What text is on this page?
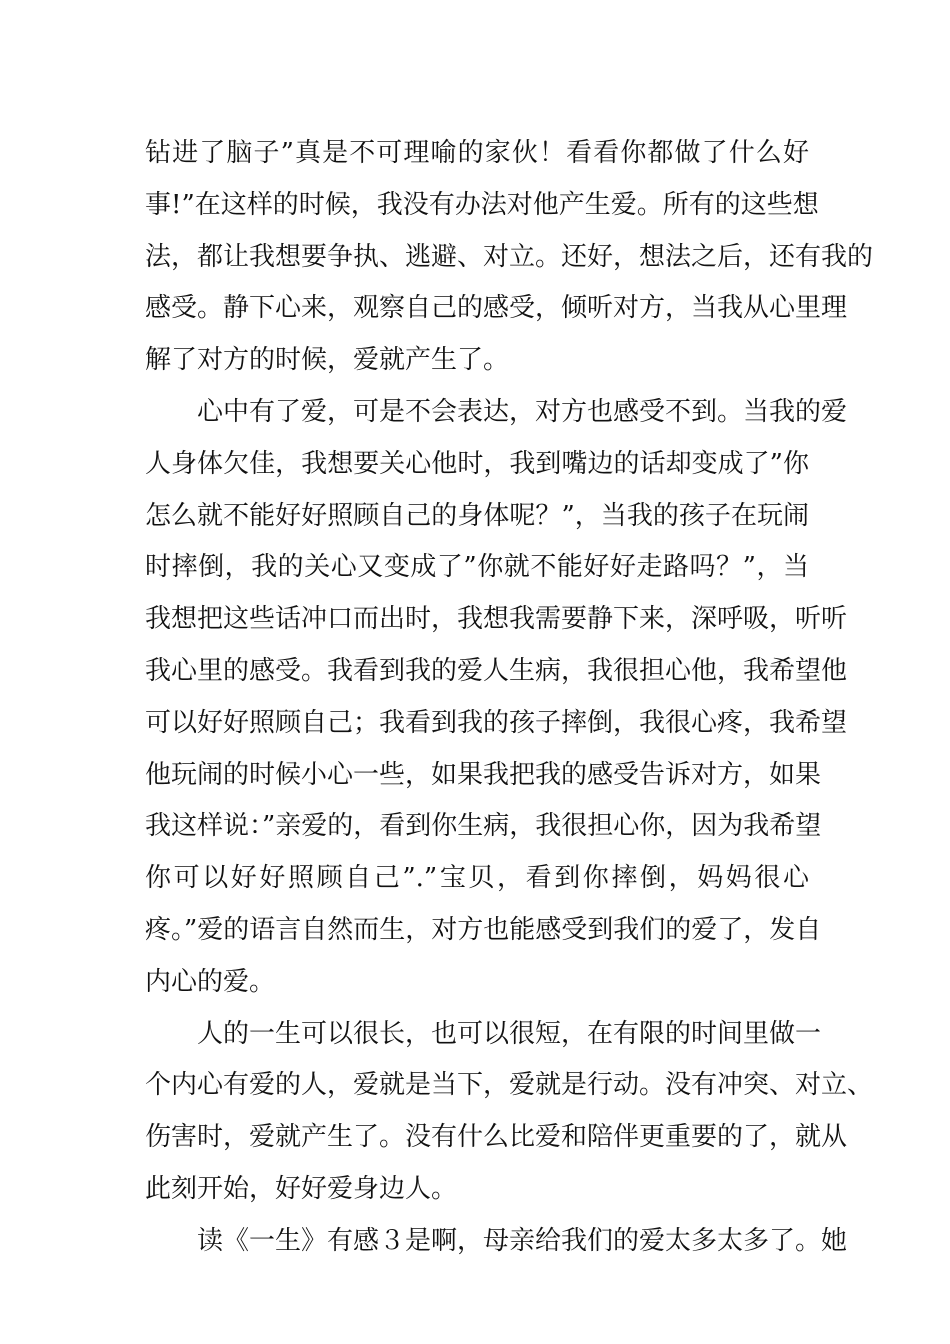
钻进了脑子”真是不可理喻的家伙！看看你都做了什么好
事!”在这样的时候，我没有办法对他产生爱。所有的这些想
法，都让我想要争执、逃避、对立。还好，想法之后，还有我的
感受。静下心来，观察自己的感受，倾听对方，当我从心里理
解了对方的时候，爱就产生了。
心中有了爱，可是不会表达，对方也感受不到。当我的爱
人身体欠佳，我想要关心他时，我到嘴边的话却变成了”你
怎么就不能好好照顾自己的身体呢？”，当我的孩子在玩闹
时摔倒，我的关心又变成了”你就不能好好走路吗？”，当
我想把这些话冲口而出时，我想我需要静下来，深呼吸，听听
我心里的感受。我看到我的爱人生病，我很担心他，我希望他
可以好好照顾自己；我看到我的孩子摔倒，我很心疼，我希望
他玩闹的时候小心一些，如果我把我的感受告诉对方，如果
我这样说：”亲爱的，看到你生病，我很担心你，因为我希望
你可以好好照顾自己”.”宝贝，看到你摔倒，妈妈很心
疼。”爱的语言自然而生，对方也能感受到我们的爱了，发自
内心的爱。
人的一生可以很长，也可以很短，在有限的时间里做一
个内心有爱的人，爱就是当下，爱就是行动。没有冲突、对立、
伤害时，爱就产生了。没有什么比爱和陪伴更重要的了，就从
此刻开始，好好爱身边人。
读《一生》有感３是啊，母亲给我们的爱太多太多了。她
